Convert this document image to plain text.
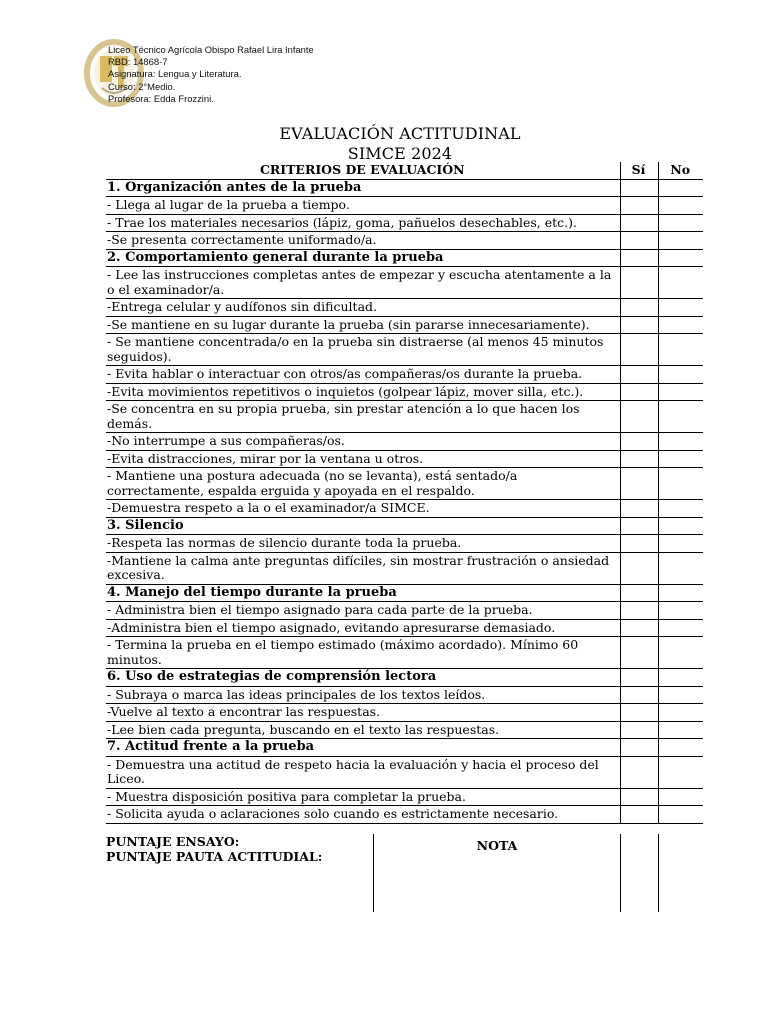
Liceo Técnico Agrícola Obispo Rafael Lira Infante
RBD: 14868-7
Asignatura: Lengua y Literatura.
Curso: 2°Medio.
Profesora: Edda Frozzini.
EVALUACIÓN ACTITUDINAL
SIMCE 2024
CRITERIOS DE EVALUACIÓN	Sí	No
1. Organización antes de la prueba		
- Llega al lugar de la prueba a tiempo.		
- Trae los materiales necesarios (lápiz, goma, pañuelos desechables, etc.).		
-Se presenta correctamente uniformado/a.		
2. Comportamiento general durante la prueba		
- Lee las instrucciones completas antes de empezar y escucha atentamente a la o el examinador/a.		
-Entrega celular y audífonos sin dificultad.		
-Se mantiene en su lugar durante la prueba (sin pararse innecesariamente).		
- Se mantiene concentrada/o en la prueba sin distraerse (al menos 45 minutos seguidos).		
- Evita hablar o interactuar con otros/as compañeras/os durante la prueba.		
-Evita movimientos repetitivos o inquietos (golpear lápiz, mover silla, etc.).		
-Se concentra en su propia prueba, sin prestar atención a lo que hacen los demás.		
-No interrumpe a sus compañeras/os.		
-Evita distracciones, mirar por la ventana u otros.		
- Mantiene una postura adecuada (no se levanta), está sentado/a correctamente, espalda erguida y apoyada en el respaldo.		
-Demuestra respeto a la o el examinador/a SIMCE.		
3. Silencio		
-Respeta las normas de silencio durante toda la prueba.		
-Mantiene la calma ante preguntas difíciles, sin mostrar frustración o ansiedad excesiva.		
4. Manejo del tiempo durante la prueba		
- Administra bien el tiempo asignado para cada parte de la prueba.		
-Administra bien el tiempo asignado, evitando apresurarse demasiado.		
- Termina la prueba en el tiempo estimado (máximo acordado). Mínimo 60 minutos.		
6. Uso de estrategias de comprensión lectora		
- Subraya o marca las ideas principales de los textos leídos.		
-Vuelve al texto a encontrar las respuestas.		
-Lee bien cada pregunta, buscando en el texto las respuestas.		
7. Actitud frente a la prueba		
- Demuestra una actitud de respeto hacia la evaluación y hacia el proceso del Liceo.		
- Muestra disposición positiva para completar la prueba.		
- Solicita ayuda o aclaraciones solo cuando es estrictamente necesario.		
PUNTAJE ENSAYO:
PUNTAJE PAUTA ACTITUDIAL:
NOTA
